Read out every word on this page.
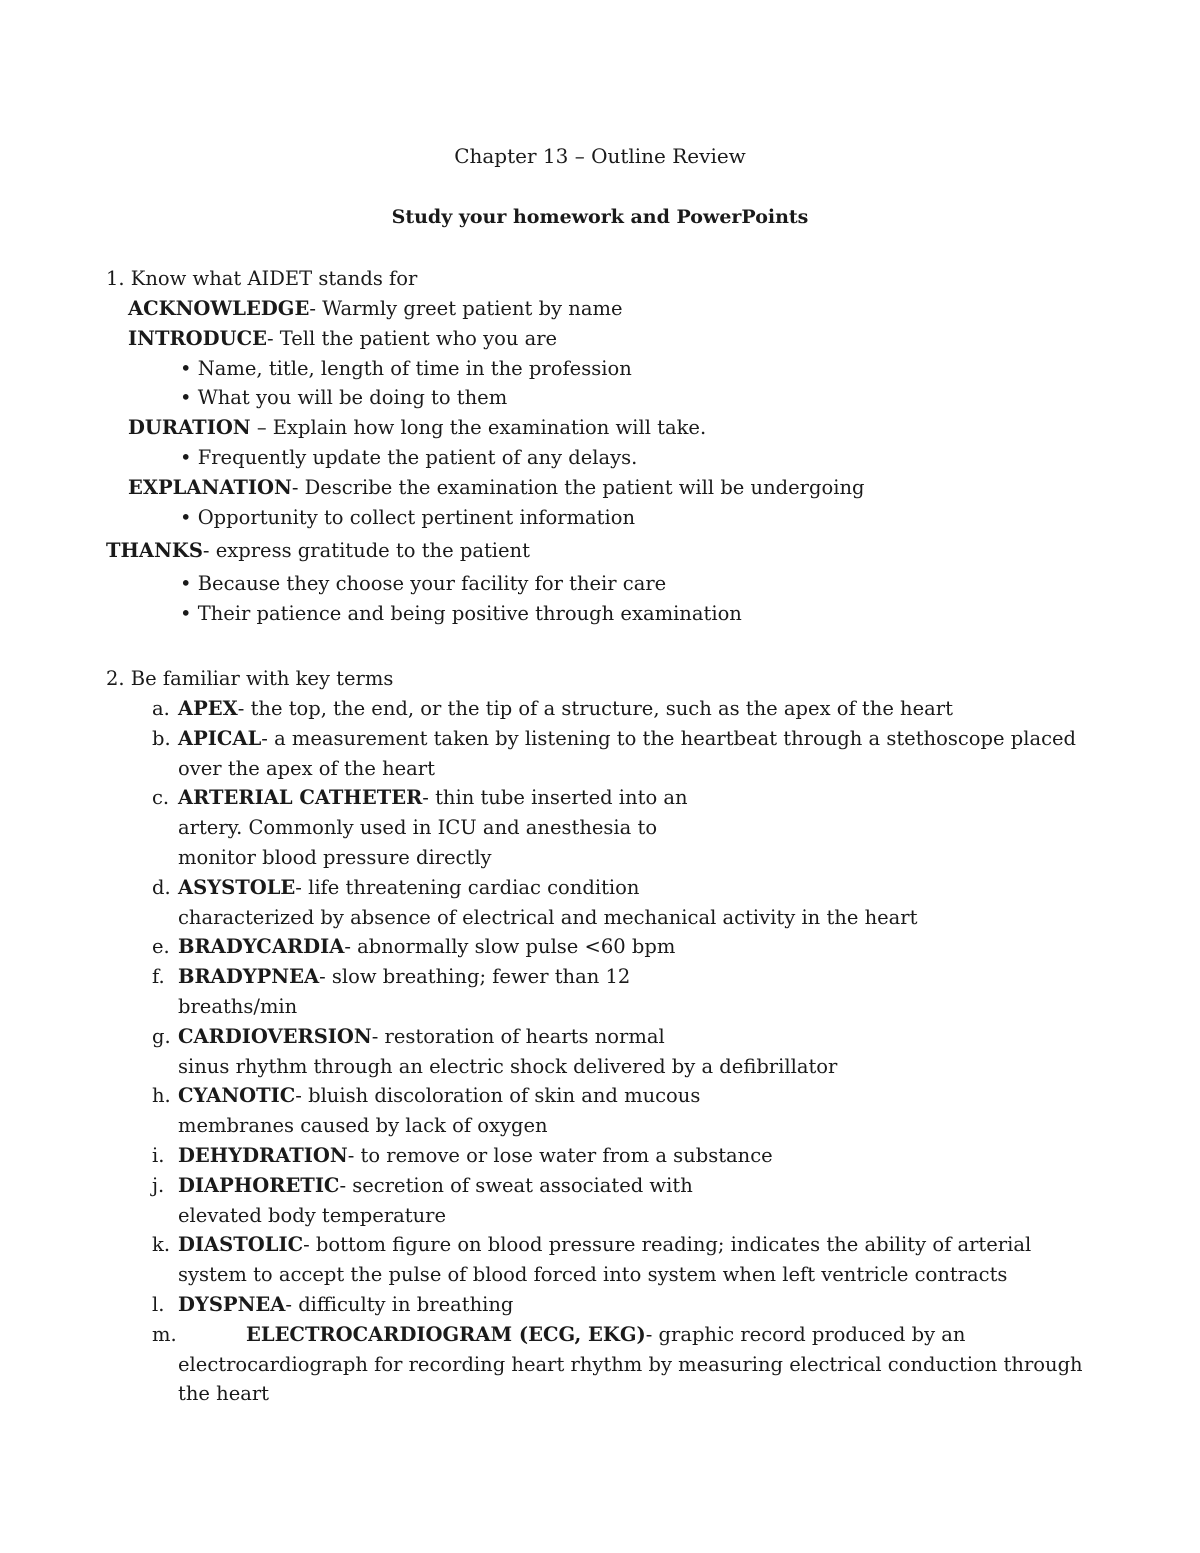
Chapter 13 – Outline Review
Study your homework and PowerPoints
1. Know what AIDET stands for
ACKNOWLEDGE- Warmly greet patient by name
INTRODUCE- Tell the patient who you are
• Name, title, length of time in the profession
• What you will be doing to them
DURATION – Explain how long the examination will take.
• Frequently update the patient of any delays.
EXPLANATION- Describe the examination the patient will be undergoing
• Opportunity to collect pertinent information
THANKS- express gratitude to the patient
• Because they choose your facility for their care
• Their patience and being positive through examination
2. Be familiar with key terms
a. APEX- the top, the end, or the tip of a structure, such as the apex of the heart
b. APICAL- a measurement taken by listening to the heartbeat through a stethoscope placed
over the apex of the heart
c. ARTERIAL CATHETER- thin tube inserted into an
artery. Commonly used in ICU and anesthesia to
monitor blood pressure directly
d. ASYSTOLE- life threatening cardiac condition
characterized by absence of electrical and mechanical activity in the heart
e. BRADYCARDIA- abnormally slow pulse <60 bpm
f. BRADYPNEA- slow breathing; fewer than 12
breaths/min
g. CARDIOVERSION- restoration of hearts normal
sinus rhythm through an electric shock delivered by a defibrillator
h. CYANOTIC- bluish discoloration of skin and mucous
membranes caused by lack of oxygen
i. DEHYDRATION- to remove or lose water from a substance
j. DIAPHORETIC- secretion of sweat associated with
elevated body temperature
k. DIASTOLIC- bottom figure on blood pressure reading; indicates the ability of arterial
system to accept the pulse of blood forced into system when left ventricle contracts
l. DYSPNEA- difficulty in breathing
m.	ELECTROCARDIOGRAM (ECG, EKG)- graphic record produced by an
electrocardiograph for recording heart rhythm by measuring electrical conduction through
the heart
